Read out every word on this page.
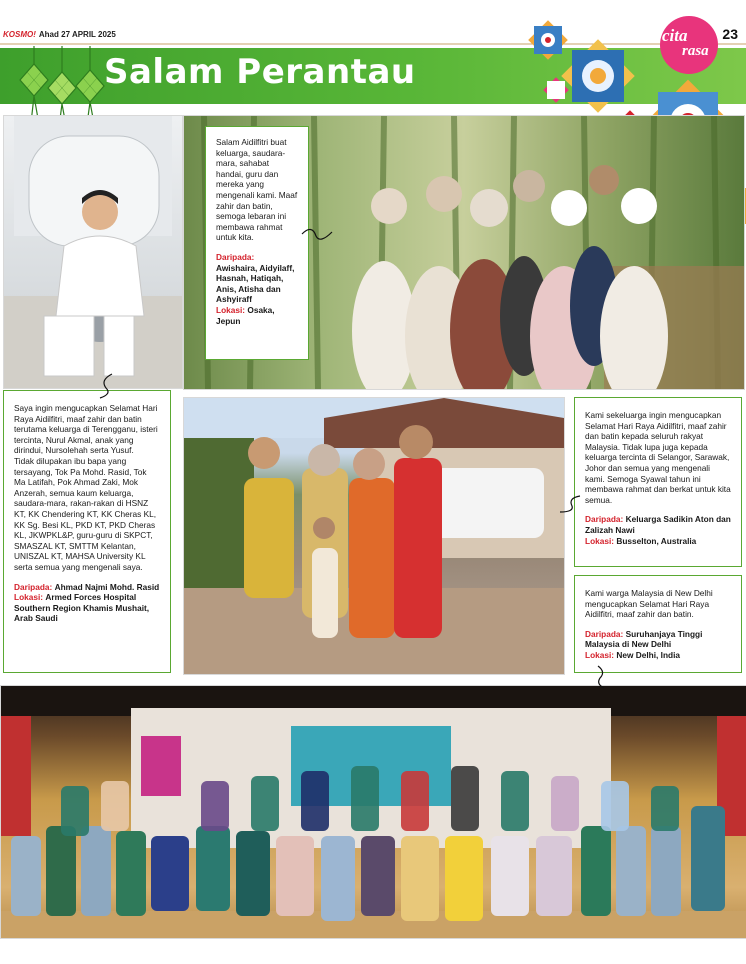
KOSMO! Ahad 27 APRIL 2025	23
Salam Perantau
cita
rasa

Salam Aidilfitri buat keluarga, saudara-mara, sahabat handai, guru dan mereka yang mengenali kami. Maaf zahir dan batin, semoga lebaran ini membawa rahmat untuk kita.

Daripada:

Awishaira, Aidyilaff, Hasnah, Hatiqah, Anis, Atisha dan Ashyiraff

Lokasi: Osaka, Jepun

Saya ingin mengucapkan Selamat Hari Raya Aidilfitri, maaf zahir dan batin terutama keluarga di Terengganu, isteri tercinta, Nurul Akmal, anak yang dirindui, Nursolehah serta Yusuf.

Tidak dilupakan ibu bapa yang tersayang, Tok Pa Mohd. Rasid, Tok Ma Latifah, Pok Ahmad Zaki, Mok Anzerah, semua kaum keluarga, saudara-mara, rakan-rakan di HSNZ KT, KK Chendering KT, KK Cheras KL, KK Sg. Besi KL, PKD KT, PKD Cheras KL, JKWPKL&P, guru-guru di SKPCT, SMASZAL KT, SMTTM Kelantan, UNISZAL KT, MAHSA University KL serta semua yang mengenali saya.

Daripada: Ahmad Najmi Mohd. Rasid

Lokasi: Armed Forces Hospital Southern Region Khamis Mushait, Arab Saudi

Kami sekeluarga ingin mengucapkan Selamat Hari Raya Aidilfitri, maaf zahir dan batin kepada seluruh rakyat Malaysia. Tidak lupa juga kepada keluarga tercinta di Selangor, Sarawak, Johor dan semua yang mengenali kami. Semoga Syawal tahun ini membawa rahmat dan berkat untuk kita semua.

Daripada: Keluarga Sadikin Aton dan Zalizah Nawi

Lokasi: Busselton, Australia

Kami warga Malaysia di New Delhi mengucapkan Selamat Hari Raya Aidilfitri, maaf zahir dan batin.

Daripada: Suruhanjaya Tinggi Malaysia di New Delhi

Lokasi: New Delhi, India
